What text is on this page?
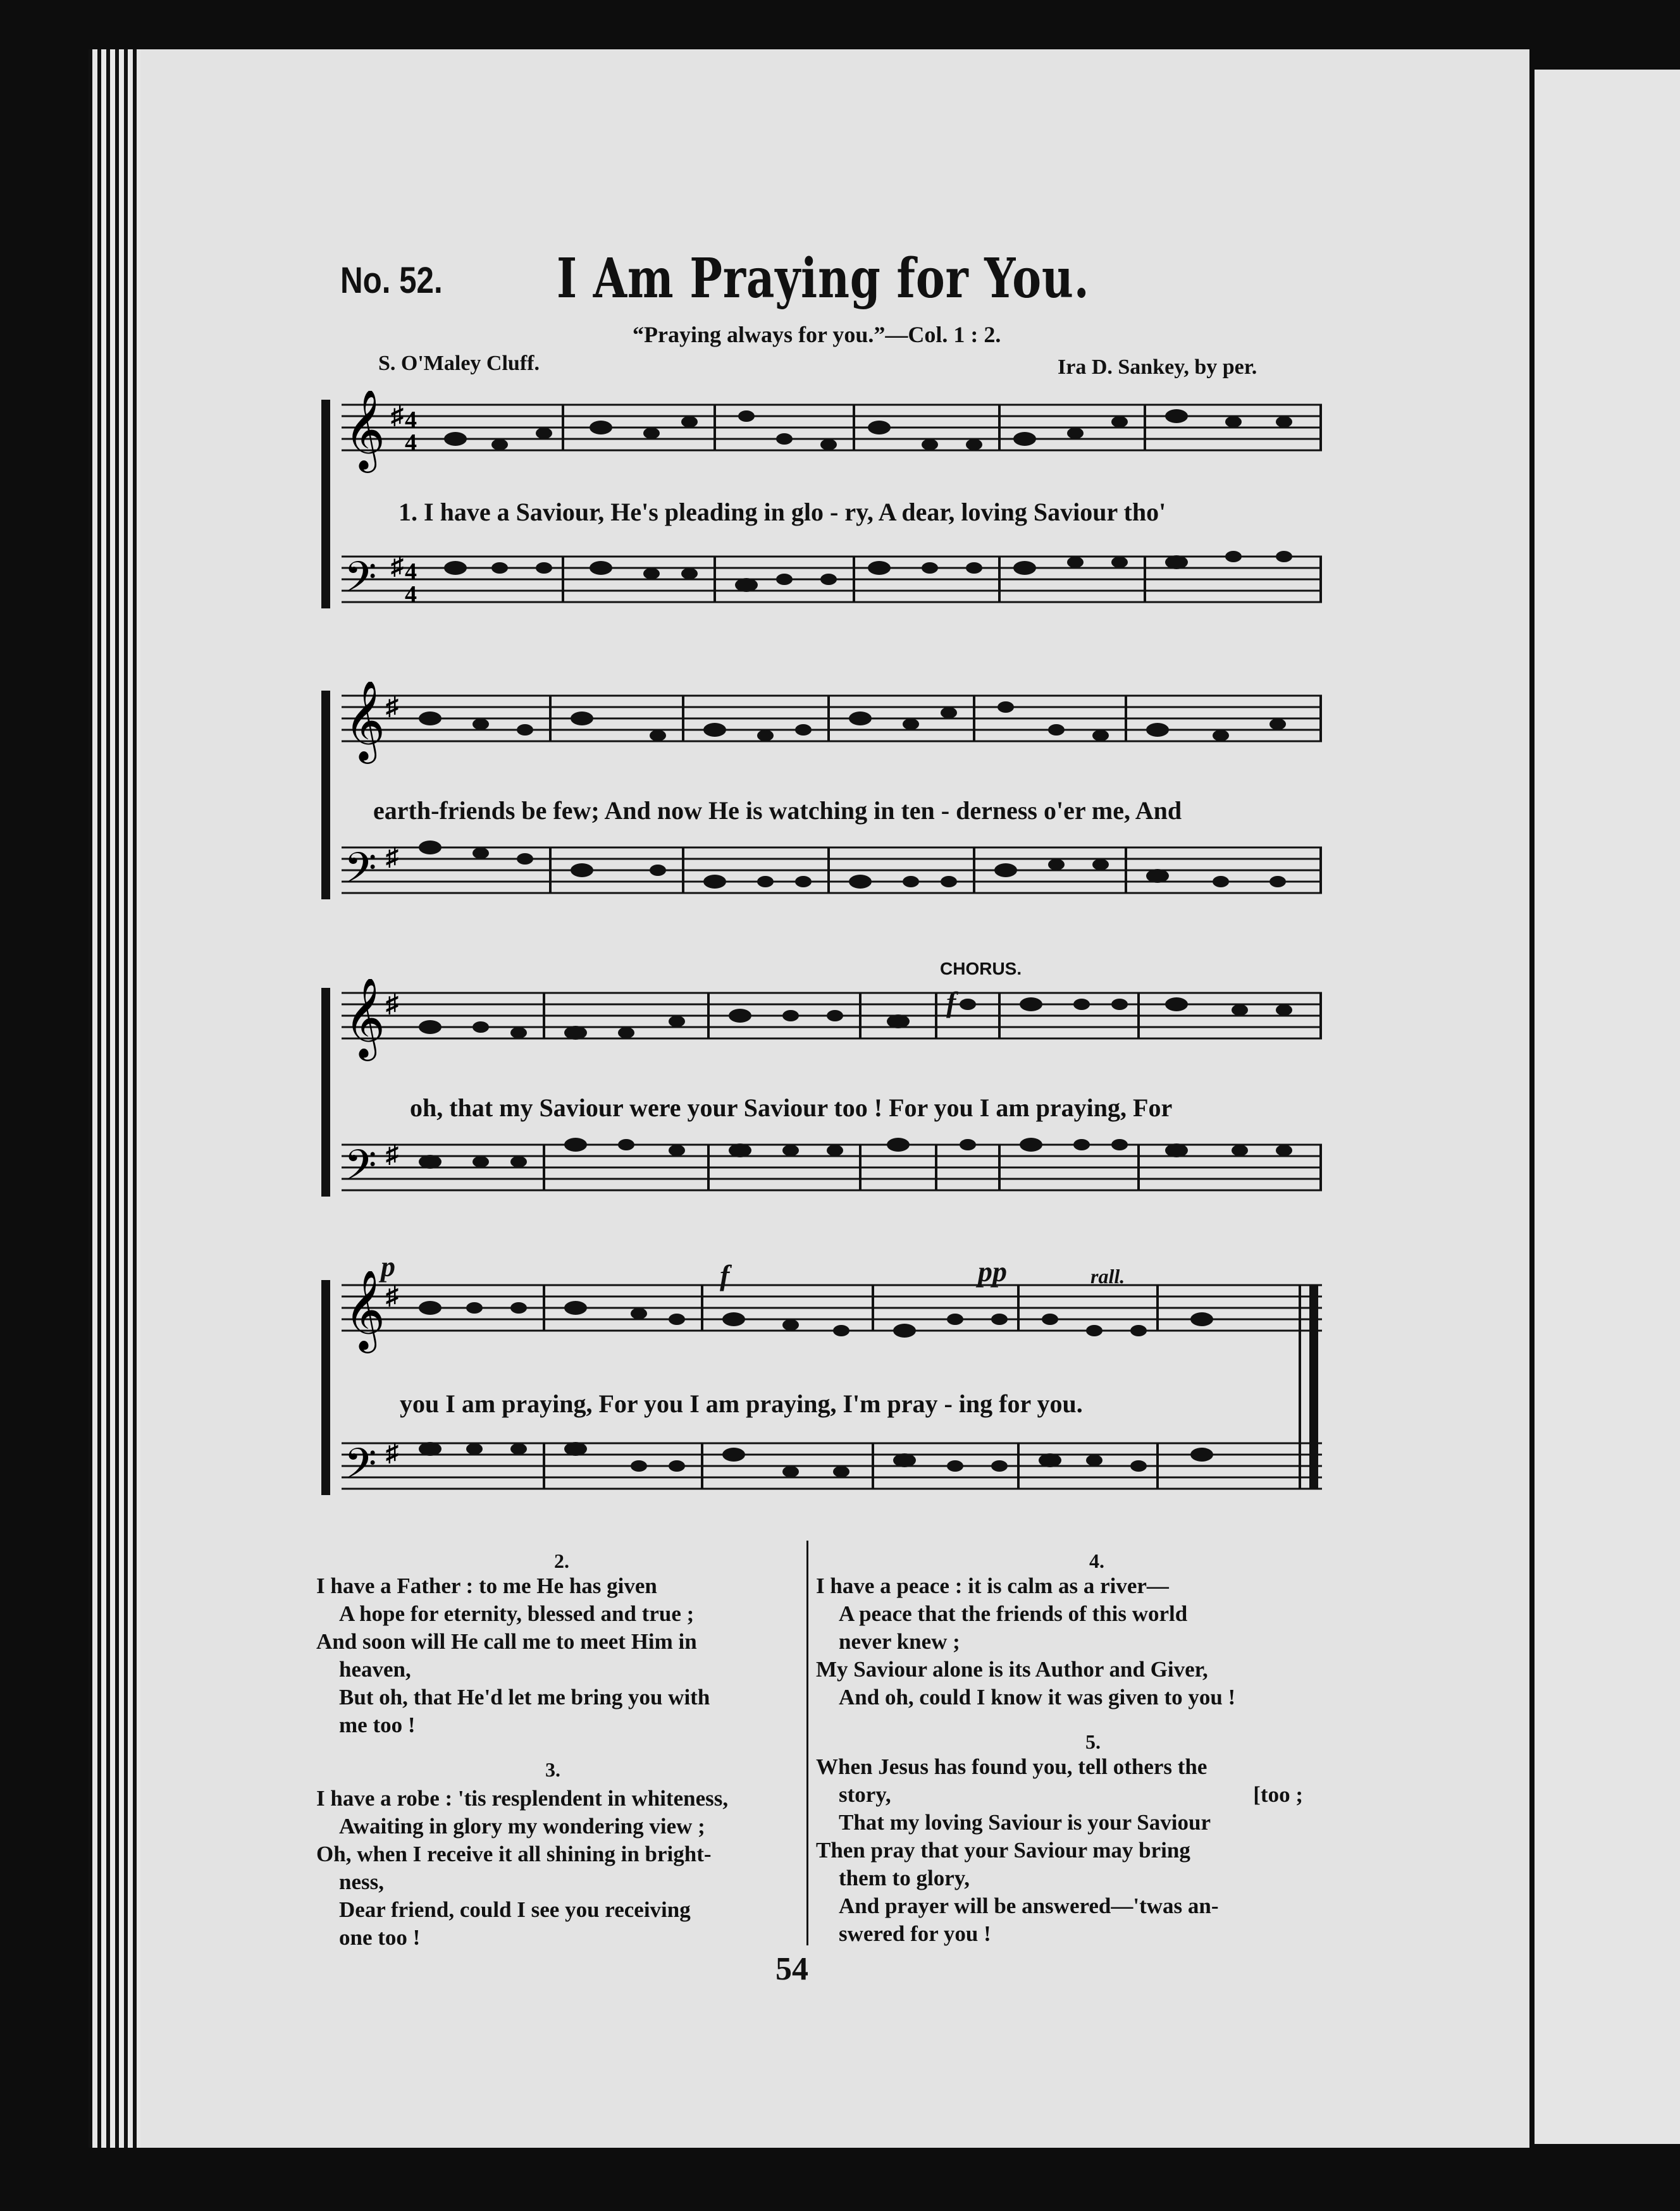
No. 52. I Am Praying for You.
“Praying always for you.”—Col. 1 : 2.
S. O'Maley Cluff.	Ira D. Sankey, by per.
𝄞
𝄢
♯
♯
4
4
4
4
1. I have a Saviour, He's pleading in glo - ry, A dear, loving Saviour tho'
𝄞
𝄢
♯
♯
earth-friends be few; And now He is watching in ten - derness o'er me, And
CHORUS.
f
𝄞
𝄢
♯
♯
oh, that my Saviour were your Saviour too ! For you I am praying, For
p	f	pp	rall.
𝄞
𝄢
♯
♯
you I am praying, For you I am praying, I'm pray - ing for you.
2.
I have a Father : to me He has given
A hope for eternity, blessed and true ;
And soon will He call me to meet Him in
heaven,
But oh, that He'd let me bring you with
me too !
3.
I have a robe : 'tis resplendent in whiteness,
Awaiting in glory my wondering view ;
Oh, when I receive it all shining in bright-
ness,
Dear friend, could I see you receiving
one too !
4.
I have a peace : it is calm as a river—
A peace that the friends of this world
never knew ;
My Saviour alone is its Author and Giver,
And oh, could I know it was given to you !
5.
When Jesus has found you, tell others the
story,	[too ;
That my loving Saviour is your Saviour
Then pray that your Saviour may bring
them to glory,
And prayer will be answered—'twas an-
swered for you !
54
